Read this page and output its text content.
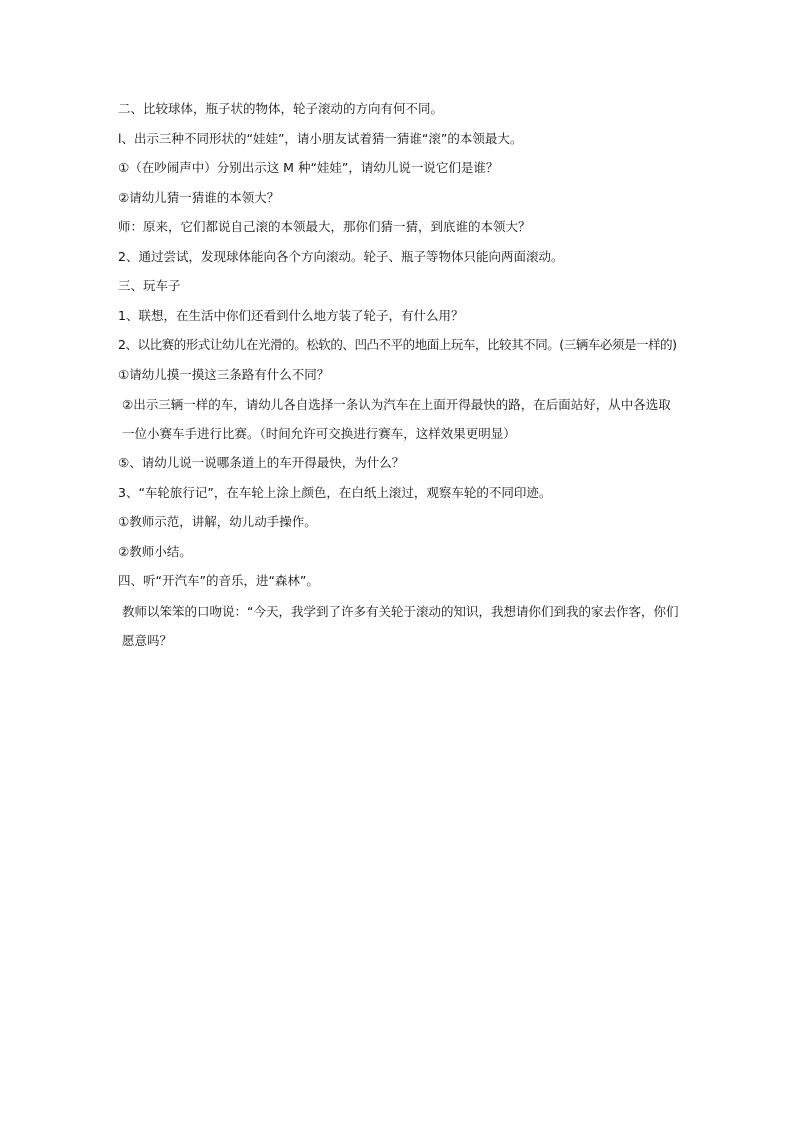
二、比较球体，瓶子状的物体，轮子滚动的方向有何不同。

l、出示三种不同形状的“娃娃”，请小朋友试着猜一猜谁“滚”的本领最大。

①（在吵闹声中）分别出示这 M 种“娃娃”，请幼儿说一说它们是谁？

②请幼儿猜一猜谁的本领大？

师：原来，它们都说自己滚的本领最大，那你们猜一猜，到底谁的本领大？

2、通过尝试，发现球体能向各个方向滚动。轮子、瓶子等物体只能向两面滚动。

三、玩车子

1、联想，在生活中你们还看到什么地方装了轮子，有什么用？

2、以比赛的形式让幼儿在光滑的。松软的、凹凸不平的地面上玩车，比较其不同。(三辆车必须是一样的)

①请幼儿摸一摸这三条路有什么不同？

②出示三辆一样的车，请幼儿各自选择一条认为汽车在上面开得最快的路，在后面站好，从中各选取一位小赛车手进行比赛。（时间允许可交换进行赛车，这样效果更明显）

⑤、请幼儿说一说哪条道上的车开得最快，为什么？

3、“车轮旅行记”，在车轮上涂上颜色，在白纸上滚过，观察车轮的不同印迹。

①教师示范，讲解，幼儿动手操作。

②教师小结。

四、听“开汽车”的音乐，进“森林”。

教师以笨笨的口吻说：“今天，我学到了许多有关轮于滚动的知识，我想请你们到我的家去作客，你们愿意吗？
